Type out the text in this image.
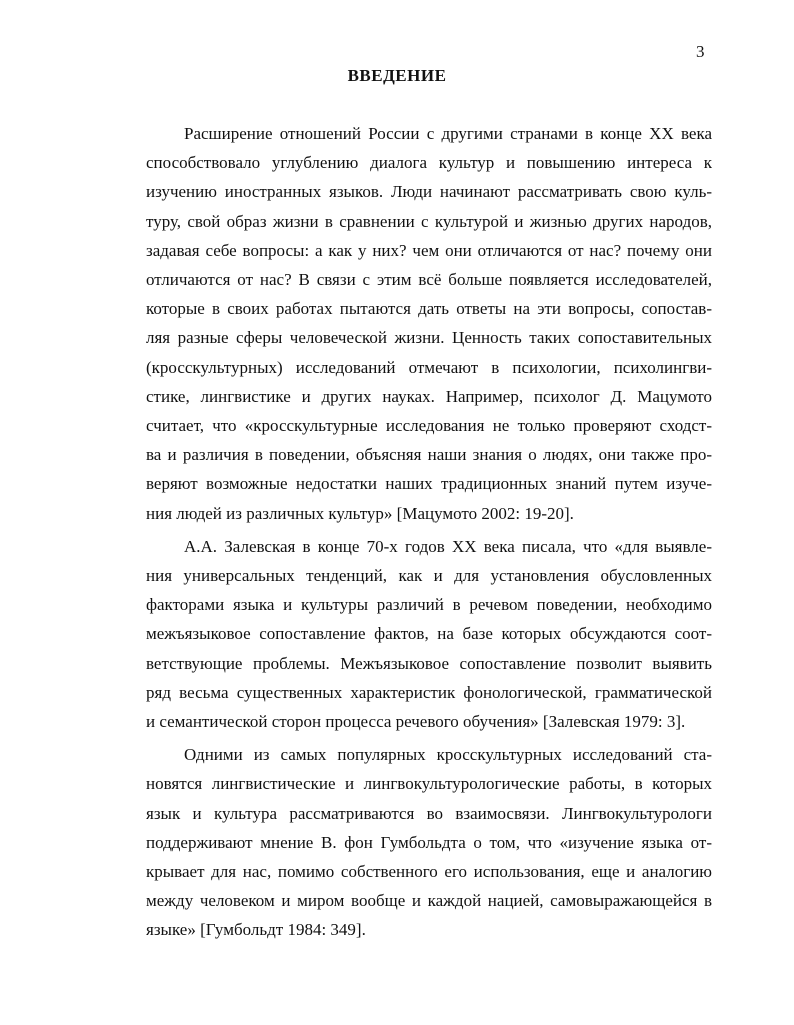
3
ВВЕДЕНИЕ
Расширение отношений России с другими странами в конце XX века
способствовало углублению диалога культур и повышению интереса к
изучению иностранных языков. Люди начинают рассматривать свою куль-
туру, свой образ жизни в сравнении с культурой и жизнью других народов,
задавая себе вопросы: а как у них? чем они отличаются от нас? почему они
отличаются от нас? В связи с этим всё больше появляется исследователей,
которые в своих работах пытаются дать ответы на эти вопросы, сопостав-
ляя разные сферы человеческой жизни. Ценность таких сопоставительных
(кросскультурных) исследований отмечают в психологии, психолингви-
стике, лингвистике и других науках. Например, психолог Д. Мацумото
считает, что «кросскультурные исследования не только проверяют сходст-
ва и различия в поведении, объясняя наши знания о людях, они также про-
веряют возможные недостатки наших традиционных знаний путем изуче-
ния людей из различных культур» [Мацумото 2002: 19-20].
А.А. Залевская в конце 70-х годов XX века писала, что «для выявле-
ния универсальных тенденций, как и для установления обусловленных
факторами языка и культуры различий в речевом поведении, необходимо
межъязыковое сопоставление фактов, на базе которых обсуждаются соот-
ветствующие проблемы. Межъязыковое сопоставление позволит выявить
ряд весьма существенных характеристик фонологической, грамматической
и семантической сторон процесса речевого обучения» [Залевская 1979: 3].
Одними из самых популярных кросскультурных исследований ста-
новятся лингвистические и лингвокультурологические работы, в которых
язык и культура рассматриваются во взаимосвязи. Лингвокультурологи
поддерживают мнение В. фон Гумбольдта о том, что «изучение языка от-
крывает для нас, помимо собственного его использования, еще и аналогию
между человеком и миром вообще и каждой нацией, самовыражающейся в
языке» [Гумбольдт 1984: 349].
